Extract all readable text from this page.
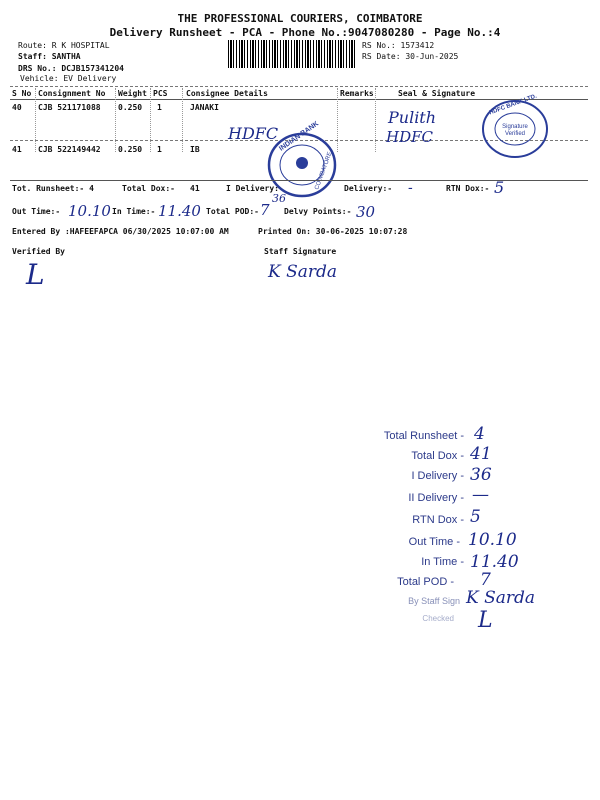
THE PROFESSIONAL COURIERS, COIMBATORE
Delivery Runsheet - PCA - Phone No.:9047080280 - Page No.:4
Route: R K HOSPITAL
Staff: SANTHA
DRS No.: DCJB157341204
Vehicle: EV Delivery
RS No.: 1573412
RS Date: 30-Jun-2025
S No Consignment No Weight PCS Consignee Details	Remarks	Seal & Signature
40 CJB 521171088 0.250 1	JANAKI
Pulith
41 CJB 522149442 0.250 1	IB
HDFC	HDFC
HDFC BANK LTD.
Signature Verified
INDIAN BANK
COIMBATORE
Tot. Runsheet:- 4	Total Dox:- 41	I Delivery:
36
Delivery:- -	RTN Dox:- 5
Out Time:- 10.10 In Time:- 11.40 Total POD:- 7 Delvy Points:- 30
Entered By :HAFEEFAPCA 06/30/2025 10:07:00 AM	Printed On: 30-06-2025 10:07:28
Verified By	Staff Signature
L	K Sarda
Total Runsheet - 4
Total Dox - 41
I Delivery - 36
II Delivery - —
RTN Dox - 5
Out Time - 10.10
In Time - 11.40
Total POD - 7
By Staff Sign K Sarda
Checked L
